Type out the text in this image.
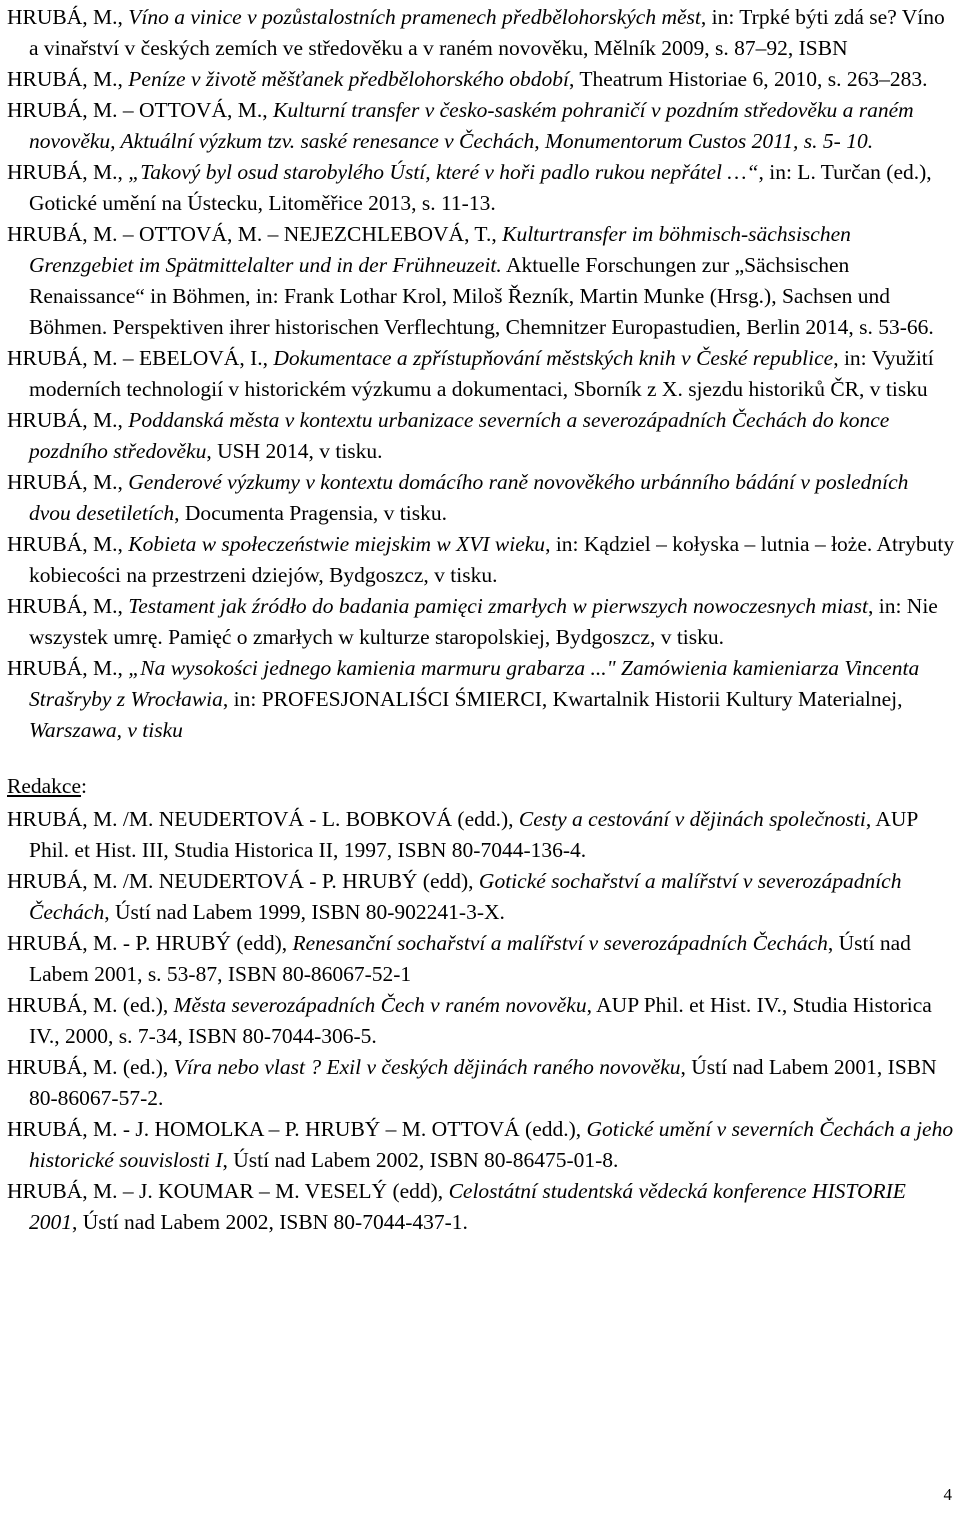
HRUBÁ, M., Víno a vinice v pozůstalostních pramenech předbělohorských měst, in: Trpké býti zdá se? Víno a vinařství v českých zemích ve středověku a v raném novověku, Mělník 2009, s. 87–92, ISBN

HRUBÁ, M., Peníze v životě měšťanek předbělohorského období, Theatrum Historiae 6, 2010, s. 263–283.

HRUBÁ, M. – OTTOVÁ, M., Kulturní transfer v česko-saském pohraničí v pozdním středověku a raném novověku, Aktuální výzkum tzv. saské renesance v Čechách, Monumentorum Custos 2011, s. 5- 10.

HRUBÁ, M., „Takový byl osud starobylého Ústí, které v hoři padlo rukou nepřátel …“, in: L. Turčan (ed.), Gotické umění na Ústecku, Litoměřice 2013, s. 11-13.

HRUBÁ, M. – OTTOVÁ, M. – NEJEZCHLEBOVÁ, T., Kulturtransfer im böhmisch-sächsischen Grenzgebiet im Spätmittelalter und in der Frühneuzeit. Aktuelle Forschungen zur „Sächsischen Renaissance“ in Böhmen, in: Frank Lothar Krol, Miloš Řezník, Martin Munke (Hrsg.), Sachsen und Böhmen. Perspektiven ihrer historischen Verflechtung, Chemnitzer Europastudien, Berlin 2014, s. 53-66.

HRUBÁ, M. – EBELOVÁ, I., Dokumentace a zpřístupňování městských knih v České republice, in: Využití moderních technologií v historickém výzkumu a dokumentaci, Sborník z X. sjezdu historiků ČR, v tisku

HRUBÁ, M., Poddanská města v kontextu urbanizace severních a severozápadních Čechách do konce pozdního středověku, USH 2014, v tisku.

HRUBÁ, M., Genderové výzkumy v kontextu domácího raně novověkého urbánního bádání v posledních dvou desetiletích, Documenta Pragensia, v tisku.

HRUBÁ, M., Kobieta w społeczeństwie miejskim w XVI wieku, in: Kądziel – kołyska – lutnia – łoże. Atrybuty kobiecości na przestrzeni dziejów, Bydgoszcz, v tisku.

HRUBÁ, M., Testament jak źródło do badania pamięci zmarłych w pierwszych nowoczesnych miast, in: Nie wszystek umrę. Pamięć o zmarłych w kulturze staropolskiej, Bydgoszcz, v tisku.

HRUBÁ, M., „Na wysokości jednego kamienia marmuru grabarza ..." Zamówienia kamieniarza Vincenta Strašryby z Wrocławia, in: PROFESJONALIŚCI ŚMIERCI, Kwartalnik Historii Kultury Materialnej, Warszawa, v tisku

Redakce:

HRUBÁ, M. /M. NEUDERTOVÁ - L. BOBKOVÁ (edd.), Cesty a cestování v dějinách společnosti, AUP Phil. et Hist. III, Studia Historica II, 1997, ISBN 80-7044-136-4.

HRUBÁ, M. /M. NEUDERTOVÁ - P. HRUBÝ (edd), Gotické sochařství a malířství v severozápadních Čechách, Ústí nad Labem 1999, ISBN 80-902241-3-X.

HRUBÁ, M. - P. HRUBÝ (edd), Renesanční sochařství a malířství v severozápadních Čechách, Ústí nad Labem 2001, s. 53-87, ISBN 80-86067-52-1

HRUBÁ, M. (ed.), Města severozápadních Čech v raném novověku, AUP Phil. et Hist. IV., Studia Historica IV., 2000, s. 7-34, ISBN 80-7044-306-5.

HRUBÁ, M. (ed.), Víra nebo vlast ? Exil v českých dějinách raného novověku, Ústí nad Labem 2001, ISBN 80-86067-57-2.

HRUBÁ, M. - J. HOMOLKA – P. HRUBÝ – M. OTTOVÁ (edd.), Gotické umění v severních Čechách a jeho historické souvislosti I, Ústí nad Labem 2002, ISBN 80-86475-01-8.

HRUBÁ, M. – J. KOUMAR – M. VESELÝ (edd), Celostátní studentská vědecká konference HISTORIE 2001, Ústí nad Labem 2002, ISBN 80-7044-437-1.

4
